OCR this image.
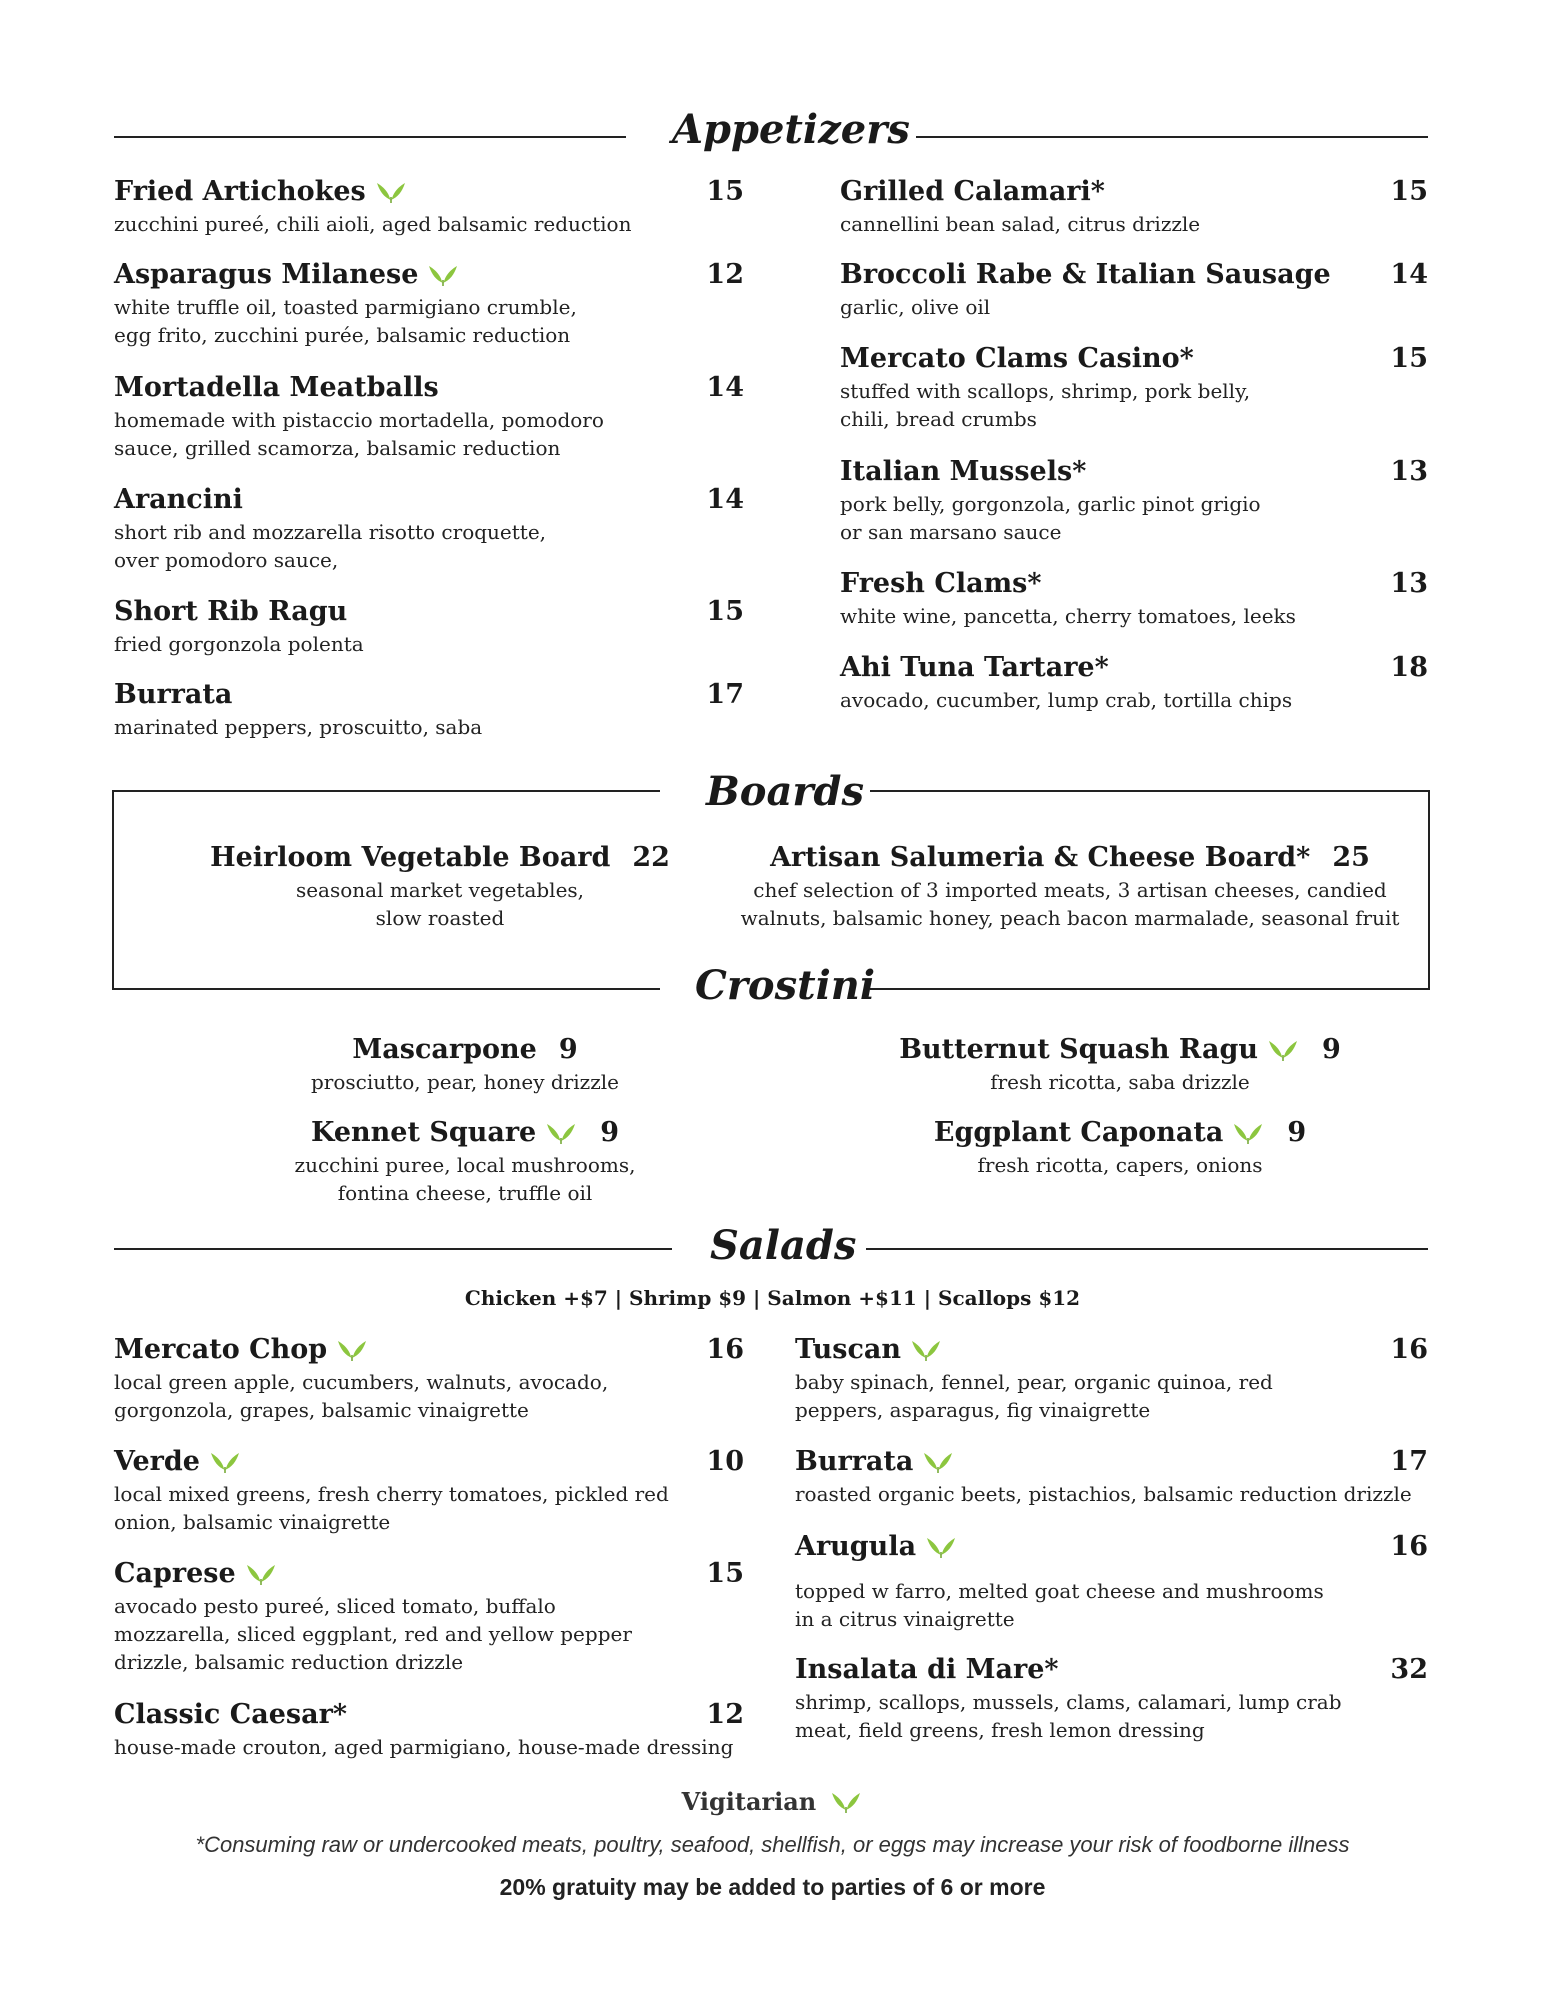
Appetizers
Fried Artichokes	15
zucchini pureé, chili aioli, aged balsamic reduction
Asparagus Milanese	12
white truffle oil, toasted parmigiano crumble,
egg frito, zucchini purée, balsamic reduction
Mortadella Meatballs	14
homemade with pistaccio mortadella, pomodoro
sauce, grilled scamorza, balsamic reduction
Arancini	14
short rib and mozzarella risotto croquette,
over pomodoro sauce,
Short Rib Ragu	15
fried gorgonzola polenta
Burrata	17
marinated peppers, proscuitto, saba
Grilled Calamari*	15
cannellini bean salad, citrus drizzle
Broccoli Rabe & Italian Sausage 14
garlic, olive oil
Mercato Clams Casino*	15
stuffed with scallops, shrimp, pork belly,
chili, bread crumbs
Italian Mussels*	13
pork belly, gorgonzola, garlic pinot grigio
or san marsano sauce
Fresh Clams*	13
white wine, pancetta, cherry tomatoes, leeks
Ahi Tuna Tartare*	18
avocado, cucumber, lump crab, tortilla chips
Boards
Heirloom Vegetable Board 22
seasonal market vegetables,
slow roasted
Artisan Salumeria & Cheese Board* 25
chef selection of 3 imported meats, 3 artisan cheeses, candied
walnuts, balsamic honey, peach bacon marmalade, seasonal fruit
Crostini
Mascarpone 9
prosciutto, pear, honey drizzle
Butternut Squash Ragu 9
fresh ricotta, saba drizzle
Kennet Square 9
zucchini puree, local mushrooms,
fontina cheese, truffle oil
Eggplant Caponata 9
fresh ricotta, capers, onions
Salads
Chicken +$7 | Shrimp $9 | Salmon +$11 | Scallops $12
Mercato Chop	16
local green apple, cucumbers, walnuts, avocado,
gorgonzola, grapes, balsamic vinaigrette
Verde	10
local mixed greens, fresh cherry tomatoes, pickled red
onion, balsamic vinaigrette
Caprese	15
avocado pesto pureé, sliced tomato, buffalo
mozzarella, sliced eggplant, red and yellow pepper
drizzle, balsamic reduction drizzle
Classic Caesar*	12
house-made crouton, aged parmigiano, house-made dressing
Tuscan	16
baby spinach, fennel, pear, organic quinoa, red
peppers, asparagus, fig vinaigrette
Burrata	17
roasted organic beets, pistachios, balsamic reduction drizzle
Arugula	16
topped w farro, melted goat cheese and mushrooms
in a citrus vinaigrette
Insalata di Mare*	32
shrimp, scallops, mussels, clams, calamari, lump crab
meat, field greens, fresh lemon dressing
Vigitarian
*Consuming raw or undercooked meats, poultry, seafood, shellfish, or eggs may increase your risk of foodborne illness
20% gratuity may be added to parties of 6 or more
